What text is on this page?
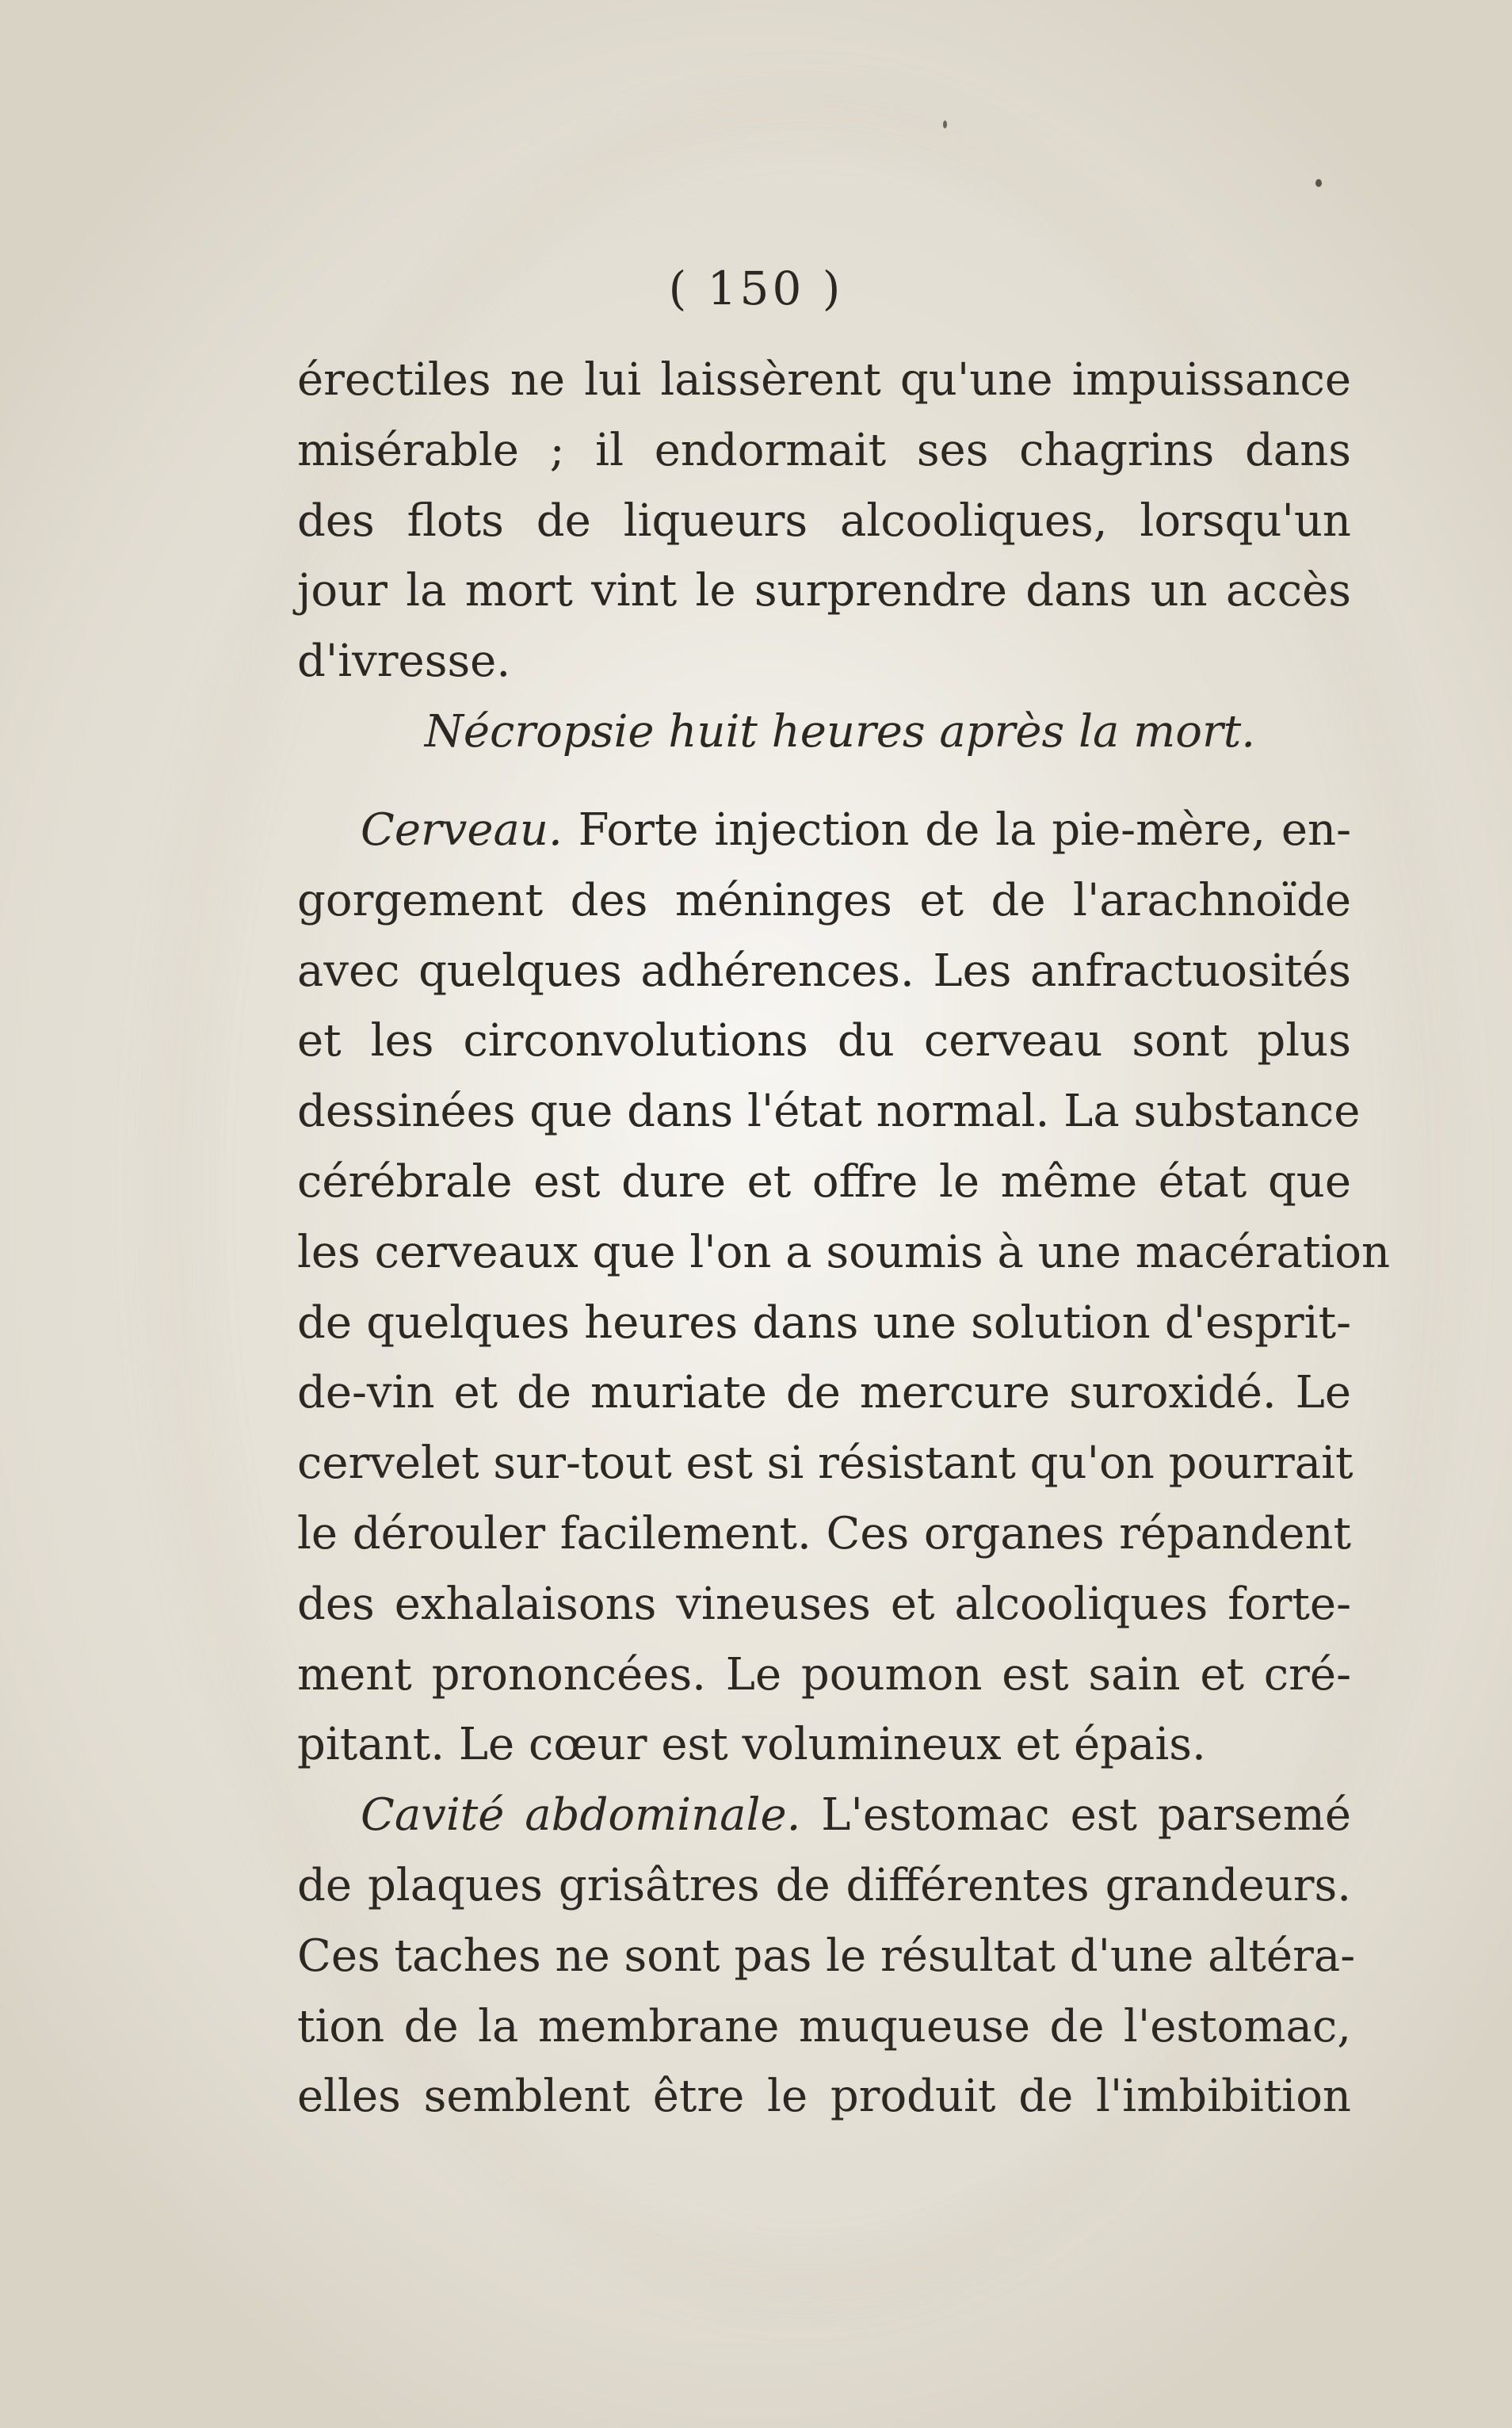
( 150 )
érectiles ne lui laissèrent qu'une impuissance
misérable ; il endormait ses chagrins dans
des flots de liqueurs alcooliques, lorsqu'un
jour la mort vint le surprendre dans un accès
d'ivresse.
Nécropsie huit heures après la mort.
Cerveau. Forte injection de la pie-mère, en-
gorgement des méninges et de l'arachnoïde
avec quelques adhérences. Les anfractuosités
et les circonvolutions du cerveau sont plus
dessinées que dans l'état normal. La substance
cérébrale est dure et offre le même état que
les cerveaux que l'on a soumis à une macération
de quelques heures dans une solution d'esprit-
de-vin et de muriate de mercure suroxidé. Le
cervelet sur-tout est si résistant qu'on pourrait
le dérouler facilement. Ces organes répandent
des exhalaisons vineuses et alcooliques forte-
ment prononcées. Le poumon est sain et cré-
pitant. Le cœur est volumineux et épais.
Cavité abdominale. L'estomac est parsemé
de plaques grisâtres de différentes grandeurs.
Ces taches ne sont pas le résultat d'une altéra-
tion de la membrane muqueuse de l'estomac,
elles semblent être le produit de l'imbibition
